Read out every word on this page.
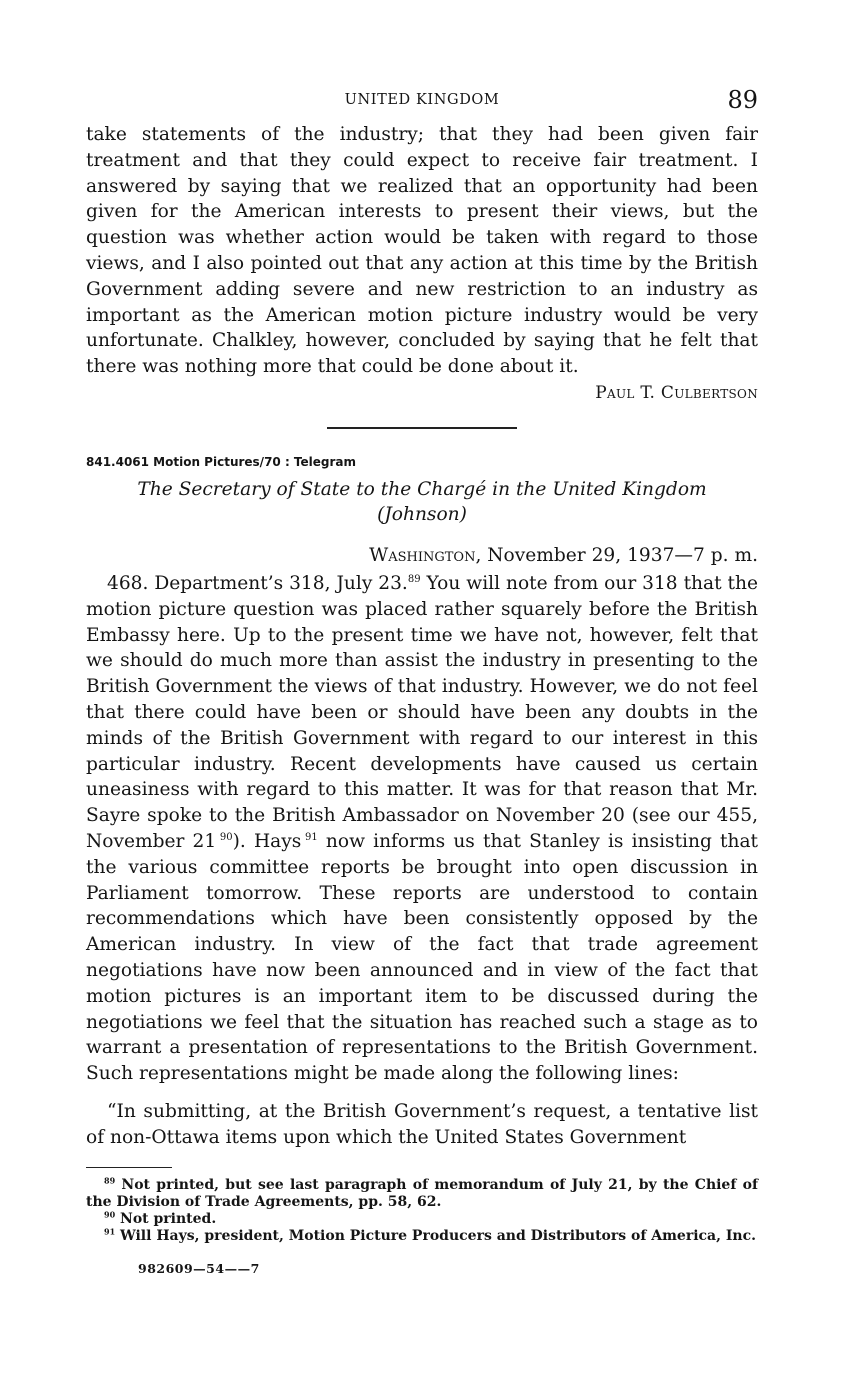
UNITED KINGDOM	89

take statements of the industry; that they had been given fair treatment and that they could expect to receive fair treatment. I answered by saying that we realized that an opportunity had been given for the American interests to present their views, but the question was whether action would be taken with regard to those views, and I also pointed out that any action at this time by the British Government adding severe and new restriction to an industry as important as the American motion picture industry would be very unfortunate. Chalkley, however, concluded by saying that he felt that there was nothing more that could be done about it.

Paul T. Culbertson
841.4061 Motion Pictures/70 : Telegram
The Secretary of State to the Chargé in the United Kingdom
(Johnson)
Washington, November 29, 1937—7 p. m.

468. Department’s 318, July 23.89 You will note from our 318 that the motion picture question was placed rather squarely before the British Embassy here. Up to the present time we have not, however, felt that we should do much more than assist the industry in presenting to the British Government the views of that industry. However, we do not feel that there could have been or should have been any doubts in the minds of the British Government with regard to our interest in this particular industry. Recent developments have caused us certain uneasiness with regard to this matter. It was for that reason that Mr. Sayre spoke to the British Ambassador on November 20 (see our 455, November 21  $^{90}$). Hays  $^{91}$ now informs us that Stanley is insisting that the various committee reports be brought into open discussion in Parliament tomorrow. These reports are understood to contain recommendations which have been consistently opposed by the American industry. In view of the fact that trade agreement negotiations have now been announced and in view of the fact that motion pictures is an important item to be discussed during the negotiations we feel that the situation has reached such a stage as to warrant a presentation of representations to the British Government. Such representations might be made along the following lines:

“In submitting, at the British Government’s request, a tentative list of non-Ottawa items upon which the United States Government

$^{89}$ Not printed, but see last paragraph of memorandum of July 21, by the Chief of the Division of Trade Agreements, pp. 58, 62.
$^{90}$ Not printed.
$^{91}$ Will Hays, president, Motion Picture Producers and Distributors of America, Inc.
982609—54——7
